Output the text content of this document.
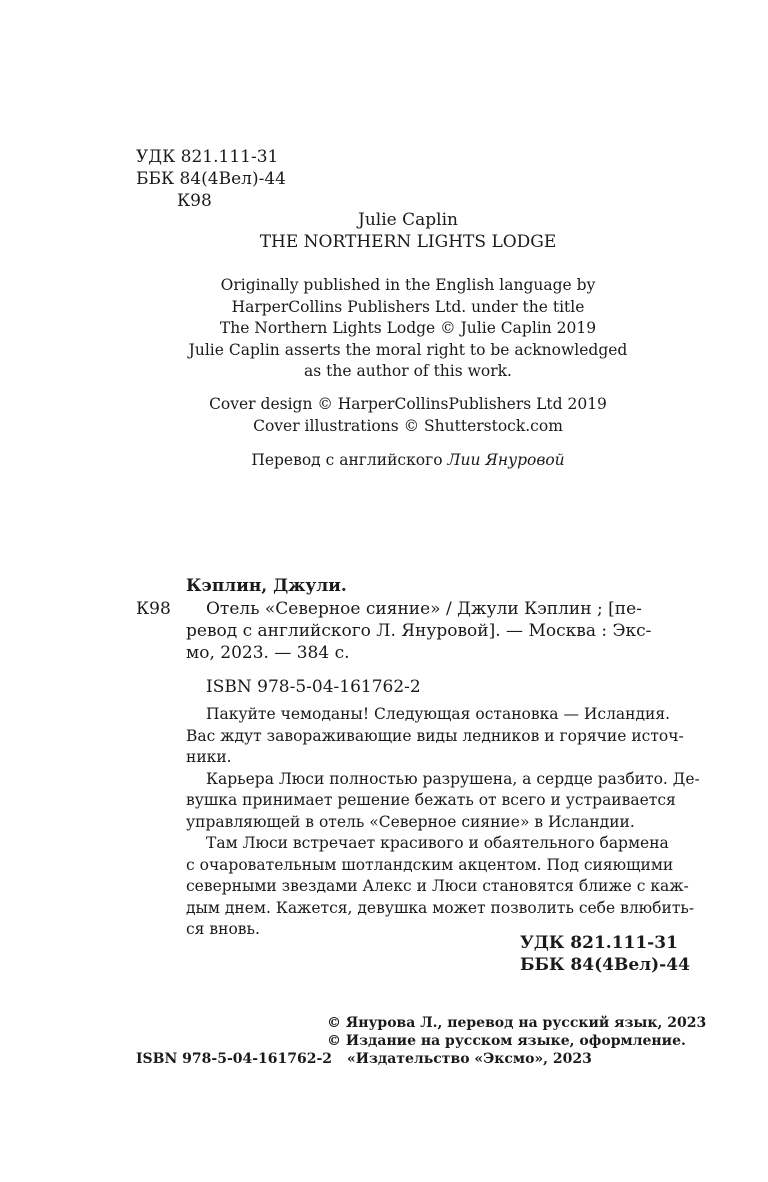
УДК 821.111-31
ББК 84(4Вел)-44
К98
Julie Caplin
THE NORTHERN LIGHTS LODGE
Originally published in the English language by
HarperCollins Publishers Ltd. under the title
The Northern Lights Lodge © Julie Caplin 2019
Julie Caplin asserts the moral right to be acknowledged
as the author of this work.
Cover design © HarperCollinsPublishers Ltd 2019
Cover illustrations © Shutterstock.com
Перевод с английского Лии Януровой
Кэплин, Джули.
К98 Отель «Северное сияние» / Джули Кэплин ; [пе-
ревод с английского Л. Януровой]. — Москва : Экс-
мо, 2023. — 384 с.
ISBN 978-5-04-161762-2
Пакуйте чемоданы! Следующая остановка — Исландия.
Вас ждут завораживающие виды ледников и горячие источ-
ники.
Карьера Люси полностью разрушена, а сердце разбито. Де-
вушка принимает решение бежать от всего и устраивается
управляющей в отель «Северное сияние» в Исландии.
Там Люси встречает красивого и обаятельного бармена
с очаровательным шотландским акцентом. Под сияющими
северными звездами Алекс и Люси становятся ближе с каж-
дым днем. Кажется, девушка может позволить себе влюбить-
ся вновь.
УДК 821.111-31
ББК 84(4Вел)-44
ISBN 978-5-04-161762-2
© Янурова Л., перевод на русский язык, 2023
© Издание на русском языке, оформление.
«Издательство «Эксмо», 2023
